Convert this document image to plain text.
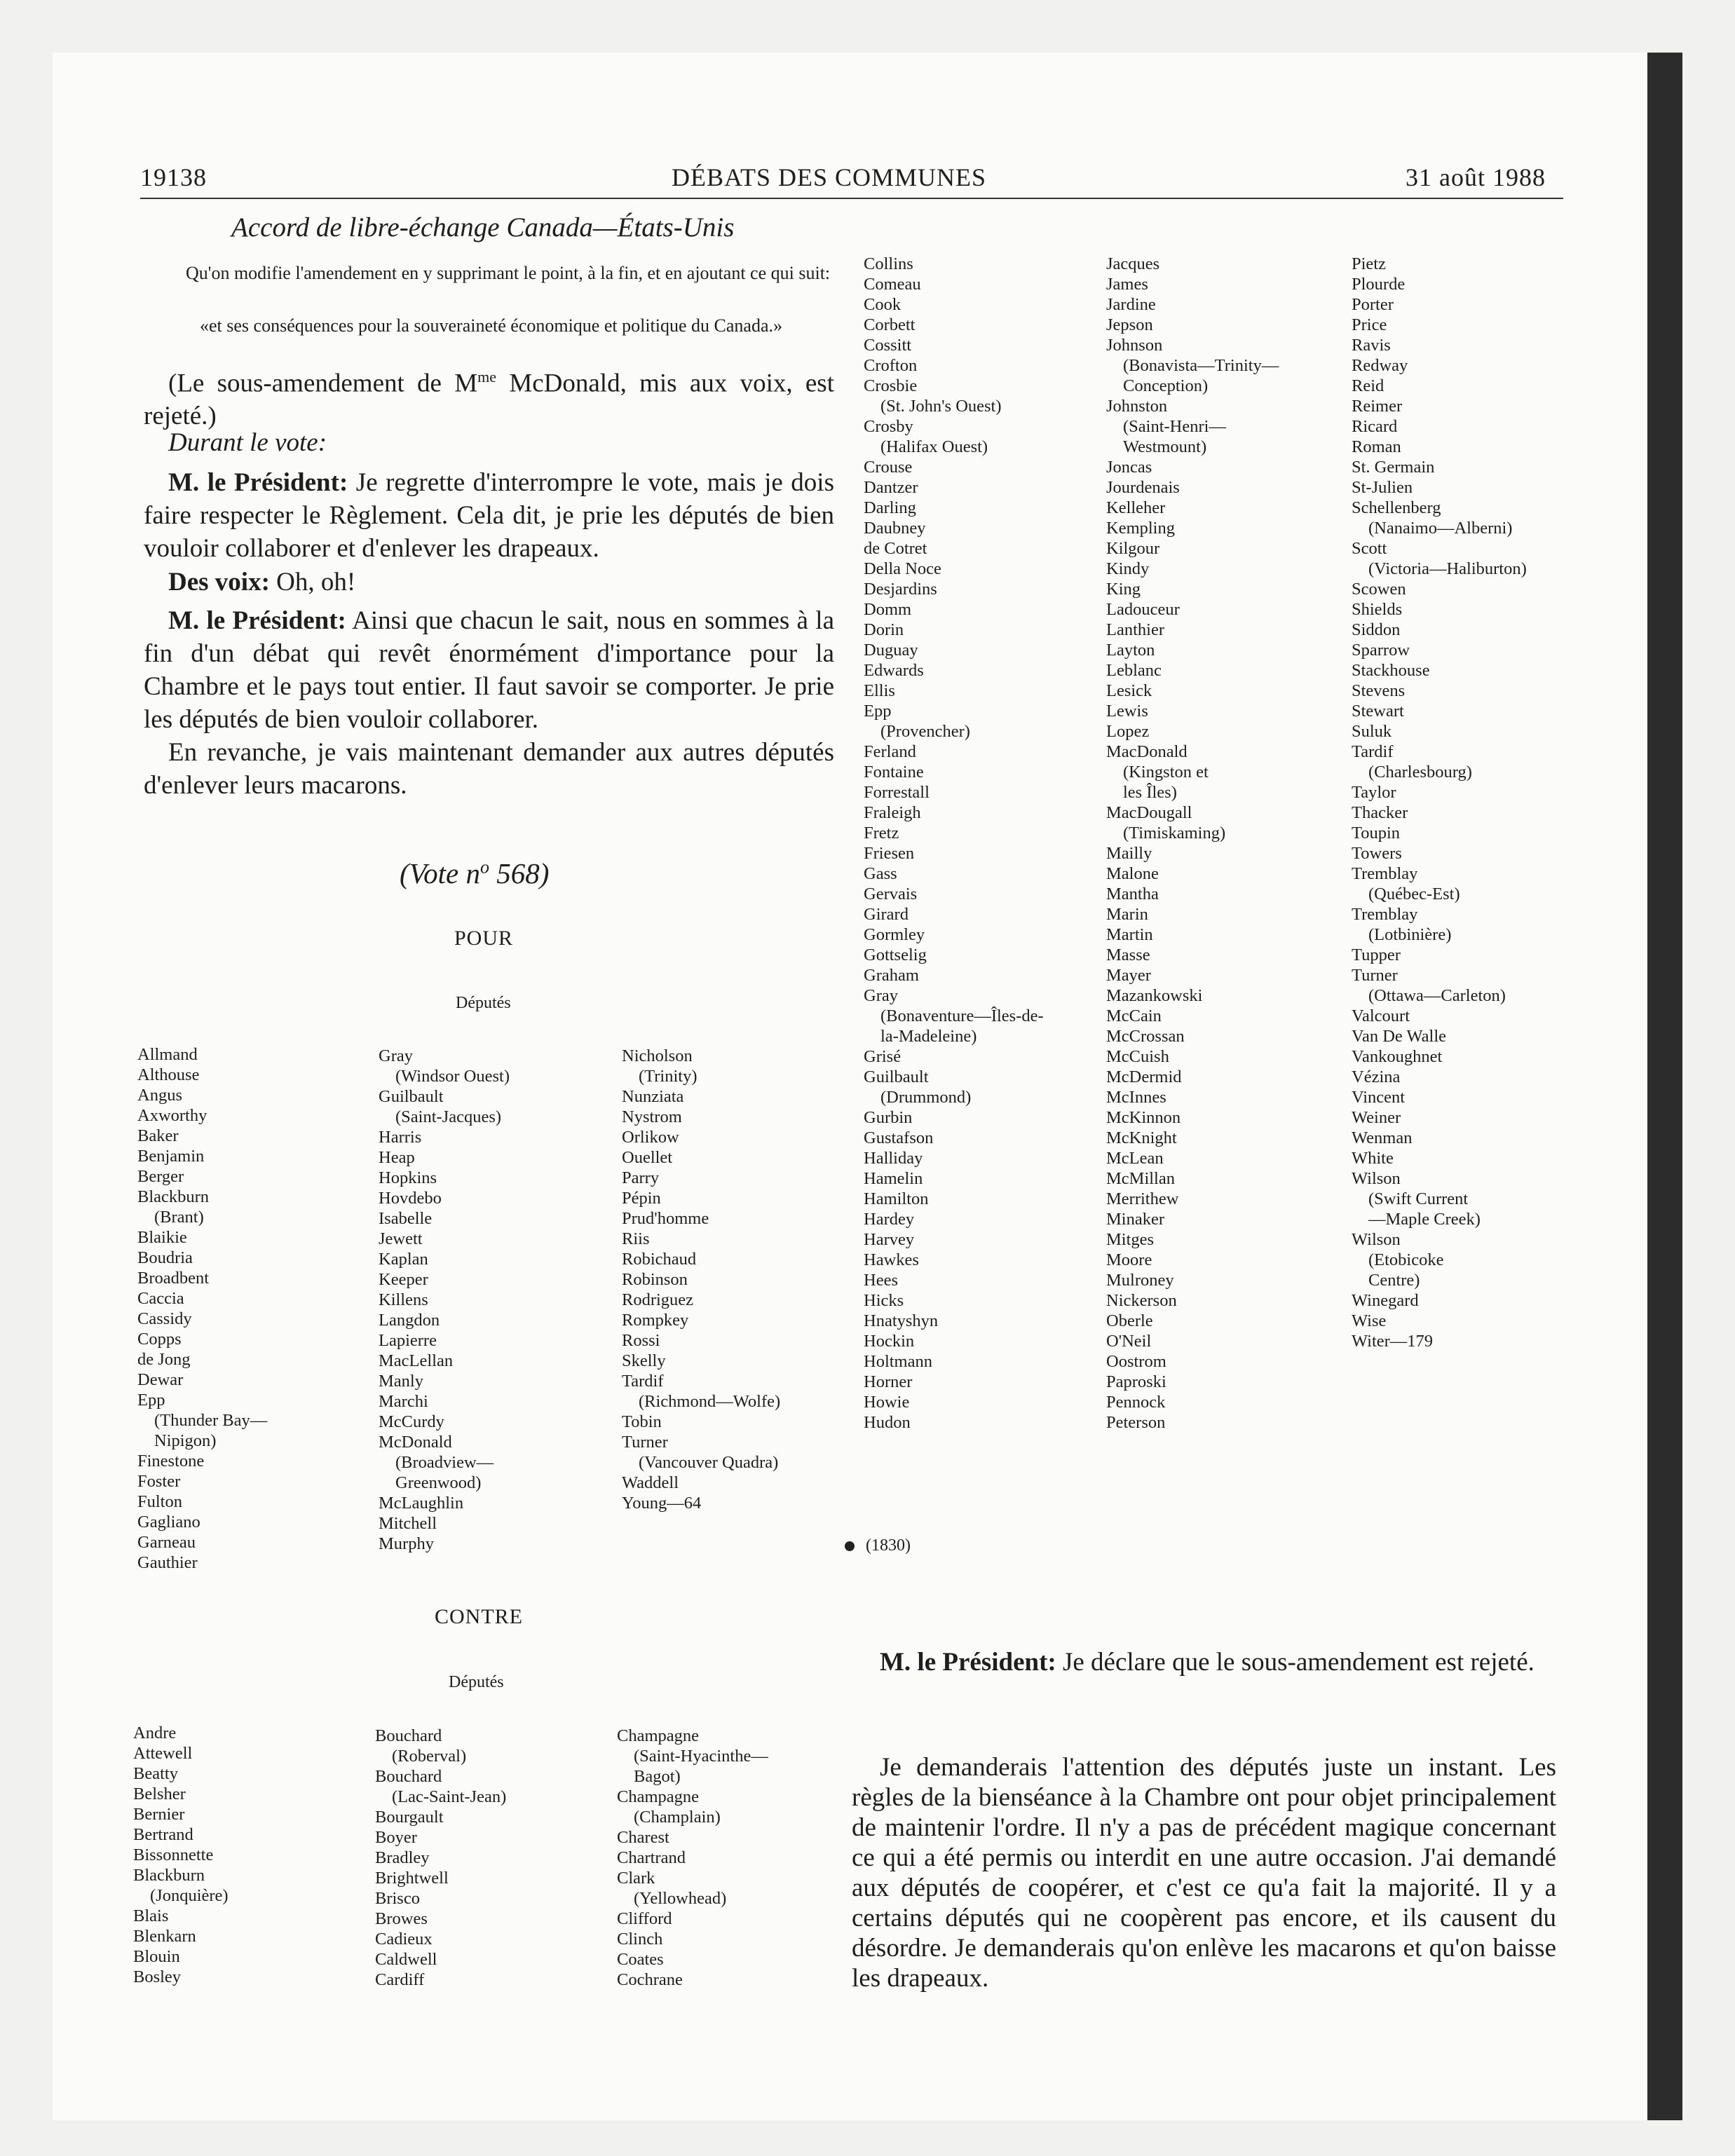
19138	DÉBATS DES COMMUNES	31 août 1988
Accord de libre-échange Canada—États-Unis
Qu'on modifie l'amendement en y supprimant le point, à la fin, et en ajoutant ce qui suit:
«et ses conséquences pour la souveraineté économique et politique du Canada.»
(Le sous-amendement de $M^{me}$ McDonald, mis aux voix, est rejeté.)
Durant le vote:
M. le Président: Je regrette d'interrompre le vote, mais je dois faire respecter le Règlement. Cela dit, je prie les députés de bien vouloir collaborer et d'enlever les drapeaux.
Des voix: Oh, oh!
M. le Président: Ainsi que chacun le sait, nous en sommes à la fin d'un débat qui revêt énormément d'importance pour la Chambre et le pays tout entier. Il faut savoir se comporter. Je prie les députés de bien vouloir collaborer.
En revanche, je vais maintenant demander aux autres députés d'enlever leurs macarons.
(Vote $n^o$ 568)
POUR
Députés
Allmand
Althouse
Angus
Axworthy
Baker
Benjamin
Berger
Blackburn
(Brant)
Blaikie
Boudria
Broadbent
Caccia
Cassidy
Copps
de Jong
Dewar
Epp
(Thunder Bay—
Nipigon)
Finestone
Foster
Fulton
Gagliano
Garneau
Gauthier
Gray
(Windsor Ouest)
Guilbault
(Saint-Jacques)
Harris
Heap
Hopkins
Hovdebo
Isabelle
Jewett
Kaplan
Keeper
Killens
Langdon
Lapierre
MacLellan
Manly
Marchi
McCurdy
McDonald
(Broadview—
Greenwood)
McLaughlin
Mitchell
Murphy
Nicholson
(Trinity)
Nunziata
Nystrom
Orlikow
Ouellet
Parry
Pépin
Prud'homme
Riis
Robichaud
Robinson
Rodriguez
Rompkey
Rossi
Skelly
Tardif
(Richmond—Wolfe)
Tobin
Turner
(Vancouver Quadra)
Waddell
Young—64
CONTRE
Députés
Andre
Attewell
Beatty
Belsher
Bernier
Bertrand
Bissonnette
Blackburn
(Jonquière)
Blais
Blenkarn
Blouin
Bosley
Bouchard
(Roberval)
Bouchard
(Lac-Saint-Jean)
Bourgault
Boyer
Bradley
Brightwell
Brisco
Browes
Cadieux
Caldwell
Cardiff
Champagne
(Saint-Hyacinthe—
Bagot)
Champagne
(Champlain)
Charest
Chartrand
Clark
(Yellowhead)
Clifford
Clinch
Coates
Cochrane
Collins
Comeau
Cook
Corbett
Cossitt
Crofton
Crosbie
(St. John's Ouest)
Crosby
(Halifax Ouest)
Crouse
Dantzer
Darling
Daubney
de Cotret
Della Noce
Desjardins
Domm
Dorin
Duguay
Edwards
Ellis
Epp
(Provencher)
Ferland
Fontaine
Forrestall
Fraleigh
Fretz
Friesen
Gass
Gervais
Girard
Gormley
Gottselig
Graham
Gray
(Bonaventure—Îles-de-
la-Madeleine)
Grisé
Guilbault
(Drummond)
Gurbin
Gustafson
Halliday
Hamelin
Hamilton
Hardey
Harvey
Hawkes
Hees
Hicks
Hnatyshyn
Hockin
Holtmann
Horner
Howie
Hudon
Jacques
James
Jardine
Jepson
Johnson
(Bonavista—Trinity—
Conception)
Johnston
(Saint-Henri—
Westmount)
Joncas
Jourdenais
Kelleher
Kempling
Kilgour
Kindy
King
Ladouceur
Lanthier
Layton
Leblanc
Lesick
Lewis
Lopez
MacDonald
(Kingston et
les Îles)
MacDougall
(Timiskaming)
Mailly
Malone
Mantha
Marin
Martin
Masse
Mayer
Mazankowski
McCain
McCrossan
McCuish
McDermid
McInnes
McKinnon
McKnight
McLean
McMillan
Merrithew
Minaker
Mitges
Moore
Mulroney
Nickerson
Oberle
O'Neil
Oostrom
Paproski
Pennock
Peterson
Pietz
Plourde
Porter
Price
Ravis
Redway
Reid
Reimer
Ricard
Roman
St. Germain
St-Julien
Schellenberg
(Nanaimo—Alberni)
Scott
(Victoria—Haliburton)
Scowen
Shields
Siddon
Sparrow
Stackhouse
Stevens
Stewart
Suluk
Tardif
(Charlesbourg)
Taylor
Thacker
Toupin
Towers
Tremblay
(Québec-Est)
Tremblay
(Lotbinière)
Tupper
Turner
(Ottawa—Carleton)
Valcourt
Van De Walle
Vankoughnet
Vézina
Vincent
Weiner
Wenman
White
Wilson
(Swift Current
—Maple Creek)
Wilson
(Etobicoke
Centre)
Winegard
Wise
Witer—179
(1830)
M. le Président: Je déclare que le sous-amendement est rejeté.
Je demanderais l'attention des députés juste un instant. Les règles de la bienséance à la Chambre ont pour objet principalement de maintenir l'ordre. Il n'y a pas de précédent magique concernant ce qui a été permis ou interdit en une autre occasion. J'ai demandé aux députés de coopérer, et c'est ce qu'a fait la majorité. Il y a certains députés qui ne coopèrent pas encore, et ils causent du désordre. Je demanderais qu'on enlève les macarons et qu'on baisse les drapeaux.
